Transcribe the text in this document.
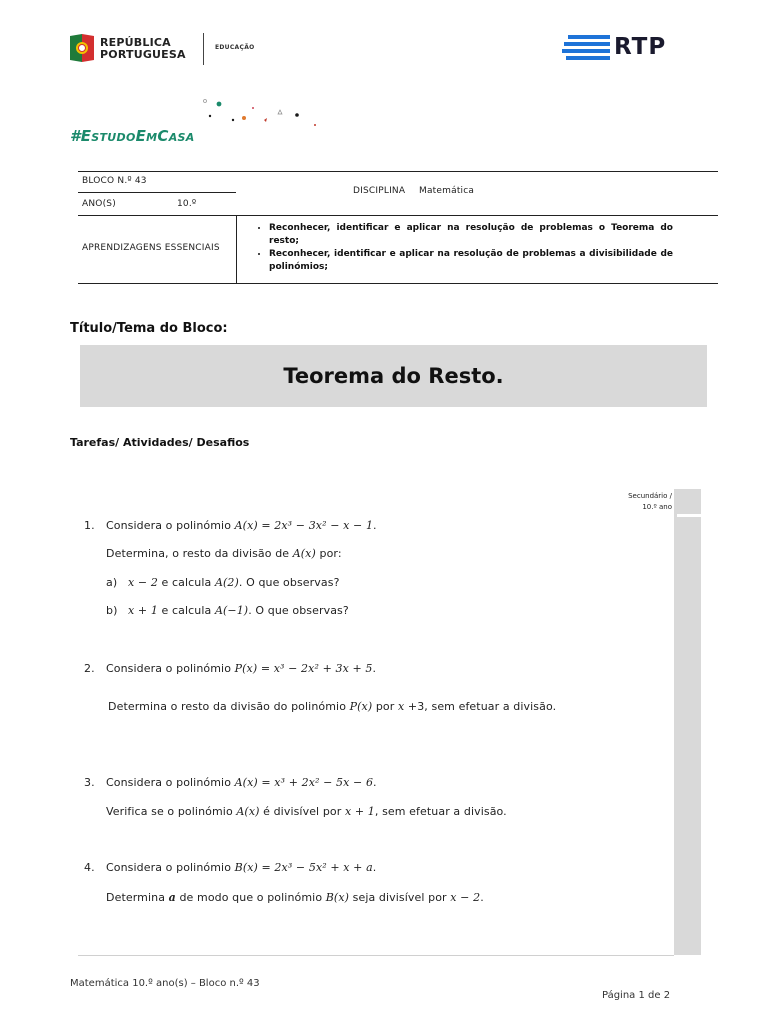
REPÚBLICA
PORTUGUESA
EDUCAÇÃO	RTP
#EstudoEmCasa
BLOCO N.º 43
ANO(S)	10.º
DISCIPLINA Matemática
APRENDIZAGENS ESSENCIAIS
• Reconhecer, identificar e aplicar na resolução de problemas o Teorema do resto;
• Reconhecer, identificar e aplicar na resolução de problemas a divisibilidade de polinómios;
Título/Tema do Bloco:
Teorema do Resto.
Tarefas/ Atividades/ Desafios
Secundário /
10.º ano
1. Considera o polinómio A(x) = 2x³ − 3x² − x − 1.
Determina, o resto da divisão de A(x) por:
a) x − 2 e calcula A(2). O que observas?
b) x + 1 e calcula A(−1). O que observas?
2. Considera o polinómio P(x) = x³ − 2x² + 3x + 5.
Determina o resto da divisão do polinómio P(x) por x +3, sem efetuar a divisão.
3. Considera o polinómio A(x) = x³ + 2x² − 5x − 6.
Verifica se o polinómio A(x) é divisível por x + 1, sem efetuar a divisão.
4. Considera o polinómio B(x) = 2x³ − 5x² + x + a.
Determina a de modo que o polinómio B(x) seja divisível por x − 2.
Matemática 10.º ano(s) – Bloco n.º 43
Página 1 de 2
